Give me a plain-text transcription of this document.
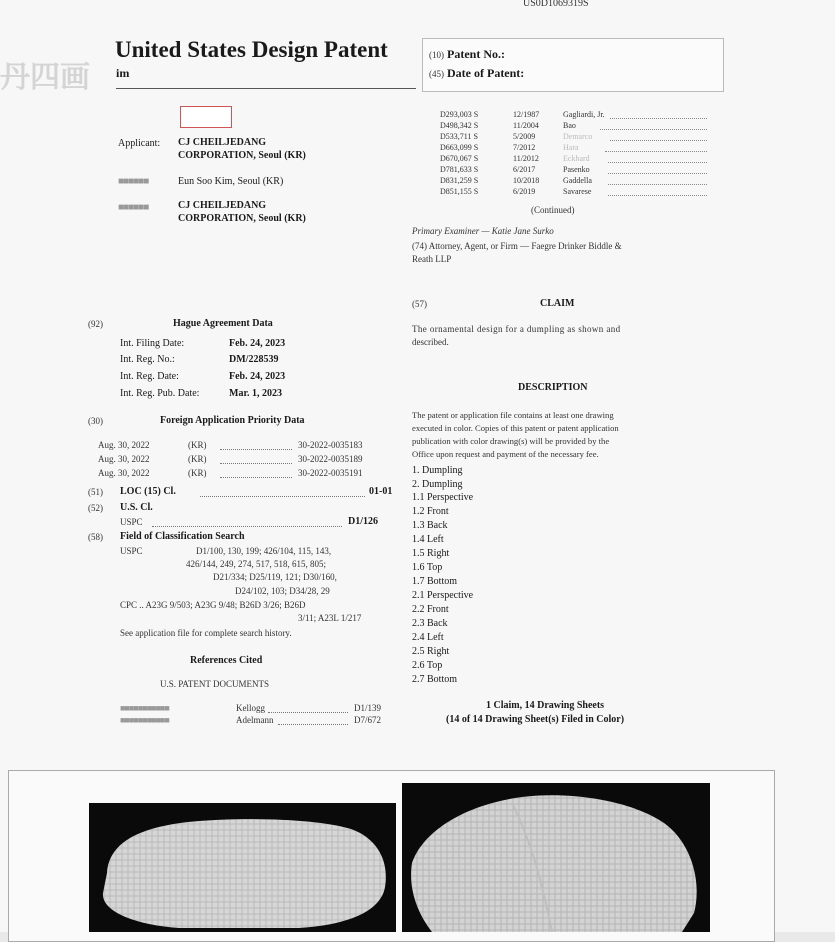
US0D1069319S
丹四画
United States Design Patent
im
(10) Patent No.:
(45) Date of Patent:
Applicant: CJ CHEILJEDANG
CORPORATION, Seoul (KR)
■■■■■■	Eun Soo Kim, Seoul (KR)
■■■■■■	CJ CHEILJEDANG
CORPORATION, Seoul (KR)
(92)	Hague Agreement Data
Int. Filing Date:	Feb. 24, 2023
Int. Reg. No.:	DM/228539
Int. Reg. Date:	Feb. 24, 2023
Int. Reg. Pub. Date:	Mar. 1, 2023
(30)	Foreign Application Priority Data
Aug. 30, 2022	(KR)	30-2022-0035183
Aug. 30, 2022	(KR)	30-2022-0035189
Aug. 30, 2022	(KR)	30-2022-0035191
(51) LOC (15) Cl.	01-01
(52) U.S. Cl.
USPC	D1/126
(58) Field of Classification Search
USPC	D1/100, 130, 199; 426/104, 115, 143,
426/144, 249, 274, 517, 518, 615, 805;
D21/334; D25/119, 121; D30/160,
D24/102, 103; D34/28, 29
CPC .. A23G 9/503; A23G 9/48; B26D 3/26; B26D
3/11; A23L 1/217
See application file for complete search history.
References Cited
U.S. PATENT DOCUMENTS
■■■■■■■■■■■	Kellogg	D1/139
■■■■■■■■■■■	Adelmann	D7/672
D293,003 S	12/1987	Gagliardi, Jr.
D498,342 S	11/2004	Bao
D533,711 S	5/2009	Demarco
D663,099 S	7/2012	Hara
D670,067 S	11/2012	Eckhard
D781,633 S	6/2017	Pasenko
D831,259 S	10/2018	Gaddella
D851,155 S	6/2019	Savarese
(Continued)
Primary Examiner — Katie Jane Surko
(74) Attorney, Agent, or Firm — Faegre Drinker Biddle &
Reath LLP
(57)	CLAIM
The ornamental design for a dumpling as shown and
described.
DESCRIPTION
The patent or application file contains at least one drawing
executed in color. Copies of this patent or patent application
publication with color drawing(s) will be provided by the
Office upon request and payment of the necessary fee.
1. Dumpling
2. Dumpling
1.1 Perspective
1.2 Front
1.3 Back
1.4 Left
1.5 Right
1.6 Top
1.7 Bottom
2.1 Perspective
2.2 Front
2.3 Back
2.4 Left
2.5 Right
2.6 Top
2.7 Bottom
1 Claim, 14 Drawing Sheets
(14 of 14 Drawing Sheet(s) Filed in Color)
